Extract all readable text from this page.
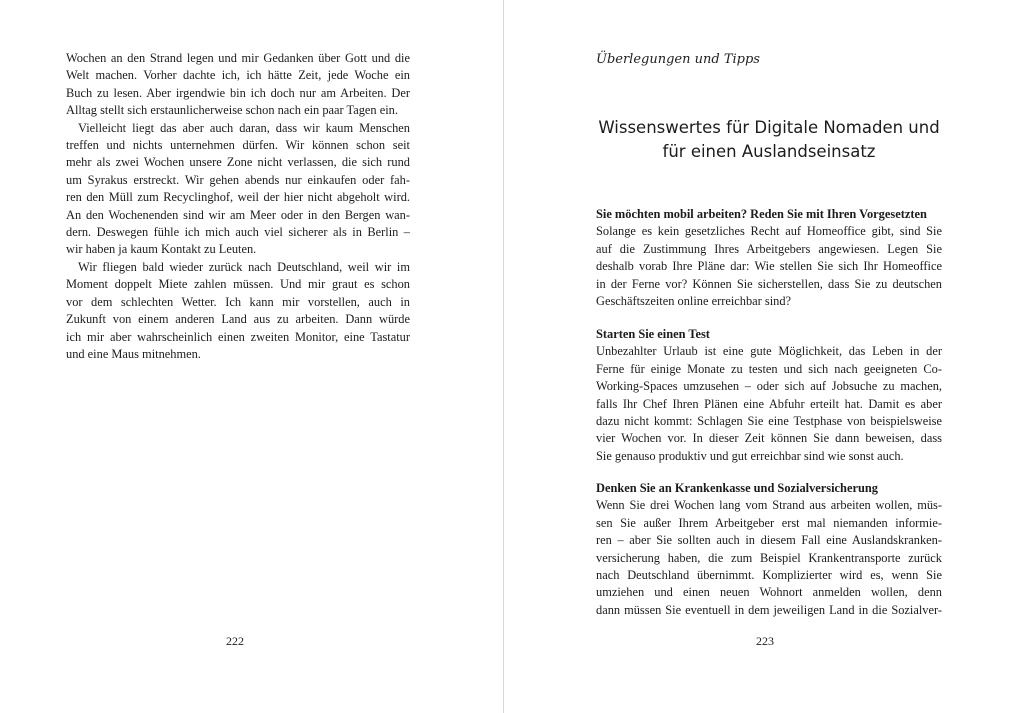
Wochen an den Strand legen und mir Gedanken über Gott und die
Welt machen. Vorher dachte ich, ich hätte Zeit, jede Woche ein
Buch zu lesen. Aber irgendwie bin ich doch nur am Arbeiten. Der
Alltag stellt sich erstaunlicherweise schon nach ein paar Tagen ein.

Vielleicht liegt das aber auch daran, dass wir kaum Menschen
treffen und nichts unternehmen dürfen. Wir können schon seit
mehr als zwei Wochen unsere Zone nicht verlassen, die sich rund
um Syrakus erstreckt. Wir gehen abends nur einkaufen oder fah-
ren den Müll zum Recyclinghof, weil der hier nicht abgeholt wird.
An den Wochenenden sind wir am Meer oder in den Bergen wan-
dern. Deswegen fühle ich mich auch viel sicherer als in Berlin –
wir haben ja kaum Kontakt zu Leuten.

Wir fliegen bald wieder zurück nach Deutschland, weil wir im
Moment doppelt Miete zahlen müssen. Und mir graut es schon
vor dem schlechten Wetter. Ich kann mir vorstellen, auch in
Zukunft von einem anderen Land aus zu arbeiten. Dann würde
ich mir aber wahrscheinlich einen zweiten Monitor, eine Tastatur
und eine Maus mitnehmen.

222
Überlegungen und Tipps
Wissenswertes für Digitale Nomaden und
für einen Auslandseinsatz
Sie möchten mobil arbeiten? Reden Sie mit Ihren Vorgesetzten
Solange es kein gesetzliches Recht auf Homeoffice gibt, sind Sie
auf die Zustimmung Ihres Arbeitgebers angewiesen. Legen Sie
deshalb vorab Ihre Pläne dar: Wie stellen Sie sich Ihr Homeoffice
in der Ferne vor? Können Sie sicherstellen, dass Sie zu deutschen
Geschäftszeiten online erreichbar sind?
Starten Sie einen Test
Unbezahlter Urlaub ist eine gute Möglichkeit, das Leben in der
Ferne für einige Monate zu testen und sich nach geeigneten Co-
Working-Spaces umzusehen – oder sich auf Jobsuche zu machen,
falls Ihr Chef Ihren Plänen eine Abfuhr erteilt hat. Damit es aber
dazu nicht kommt: Schlagen Sie eine Testphase von beispielsweise
vier Wochen vor. In dieser Zeit können Sie dann beweisen, dass
Sie genauso produktiv und gut erreichbar sind wie sonst auch.
Denken Sie an Krankenkasse und Sozialversicherung
Wenn Sie drei Wochen lang vom Strand aus arbeiten wollen, müs-
sen Sie außer Ihrem Arbeitgeber erst mal niemanden informie-
ren – aber Sie sollten auch in diesem Fall eine Auslandskranken-
versicherung haben, die zum Beispiel Krankentransporte zurück
nach Deutschland übernimmt. Komplizierter wird es, wenn Sie
umziehen und einen neuen Wohnort anmelden wollen, denn
dann müssen Sie eventuell in dem jeweiligen Land in die Sozialver-
223
